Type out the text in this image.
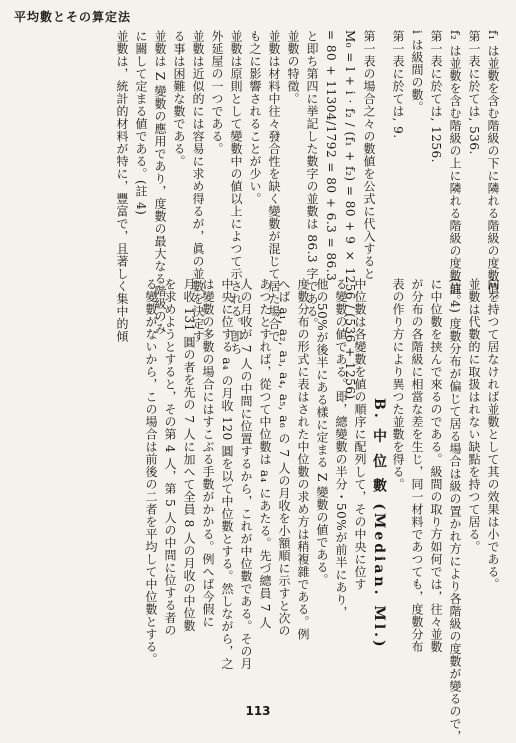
平均數とその算定法
f₁ は並數を含む階級の下に隣れる階級の度數值。
第一表に於ては, 536.
f₂ は並數を含む階級の上に隣れる階級の度數值。
第一表に於ては, 1256.
i は級間の數。
第一表に於ては, 9.
第一表の場合之々の數値を公式に代入すると
M₀ = l + i · f₂ / (f₁ + f₂) = 80 + 9 × 1256 / (536 + 1256)
= 80 + 11304/1792 = 80 + 6.3 = 86.3
と即ち第四に挙記した數字の並數は 86.3 字である。
並數の特徵。
並數は材料中往々發合性を缺く變數が混じて居た場合で
も之に影響されることが少い。
並數は原則として變數中の値以上によつて示される。卽ち
外延屋の一つである。
並數は近似的には容易に求め得るが，眞の並數を決定す
る事は困難な數である。
並數は Z 變數の應用であり，度數の最大なる階級のみ
に關して定まる値である。(註 4)
並數は，統計的材料が特に，豐富で，且著しく集中的傾
向を持つて居なければ並數として其の效果は小である。
並數は代數的に取扱はれない缺點を持つて居る。
(註 4) 度數分布が偏じて居る場合は級の置かれ方により各階級の度數が變るので，
に中位數を挟んで來るのである。級間の取り方如何では，往々並數
が分布の各階級に相當な差を生じ，同一材料であつても，度數分布
表の作り方により異つた並數を得る。
B. 中 位 數 (Median. Ml.)
中位數は各變數を値の順序に配列して，その中央に位す
る變數の値である。即，總變數の半分・50%が前半にあり，
他の50%が後半にある樣に定まる Z 變數の値である。
度數分布の形式に表はされた中位數の求め方は稍複雜である。例
へば a₁, a₂, a₃, a₄, a₅, a₆ の 7 人の月收を小額順に示すと次の
あつたとすれば，從つて中位數は a₄ にあたる。先づ總員 7 人
人の月收が 7 人の中間に位置するから，これが中位數である。その月
中央に位する a₄ の月收 120 圓を以て中位數とする。然しながら，之
は變數の多數の場合にはすこぶる手數がかかる。例へば今假に
月收 131 圓の者を先の 7 人に加へて全員 8 人の月收の中位數
を求めようとすると，その第 4 人，第 5 人の中間に位する者の
る變數がないから，この場合は前後の二者を平均して中位數とする。
113
